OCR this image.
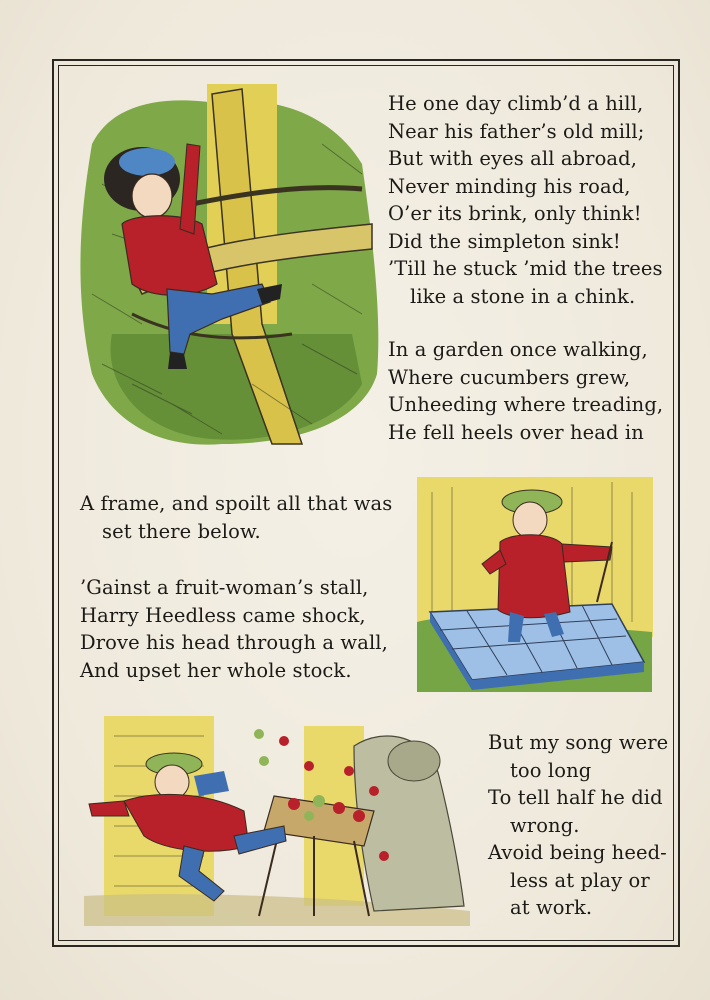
He one day climb’d a hill,
Near his father’s old mill;
But with eyes all abroad,
Never minding his road,
O’er its brink, only think!
Did the simpleton sink!
’Till he stuck ’mid the trees
like a stone in a chink.

In a garden once walking,
Where cucumbers grew,
Unheeding where treading,
He fell heels over head in

A frame, and spoilt all that was
set there below.

’Gainst a fruit-woman’s stall,
Harry Heedless came shock,
Drove his head through a wall,
And upset her whole stock.

But my song were
too long
To tell half he did
wrong.
Avoid being heed-
less at play or
at work.
